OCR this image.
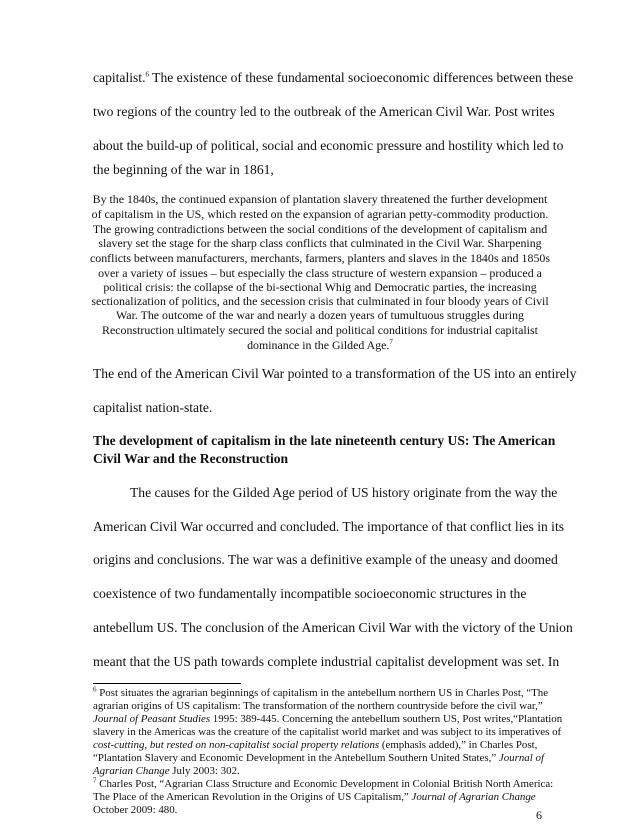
capitalist.$^6$ The existence of these fundamental socioeconomic differences between these
two regions of the country led to the outbreak of the American Civil War. Post writes
about the build-up of political, social and economic pressure and hostility which led to
the beginning of the war in 1861,
By the 1840s, the continued expansion of plantation slavery threatened the further development
of capitalism in the US, which rested on the expansion of agrarian petty-commodity production.
The growing contradictions between the social conditions of the development of capitalism and
slavery set the stage for the sharp class conflicts that culminated in the Civil War. Sharpening
conflicts between manufacturers, merchants, farmers, planters and slaves in the 1840s and 1850s
over a variety of issues – but especially the class structure of western expansion – produced a
political crisis: the collapse of the bi-sectional Whig and Democratic parties, the increasing
sectionalization of politics, and the secession crisis that culminated in four bloody years of Civil
War. The outcome of the war and nearly a dozen years of tumultuous struggles during
Reconstruction ultimately secured the social and political conditions for industrial capitalist
dominance in the Gilded Age.$^7$
The end of the American Civil War pointed to a transformation of the US into an entirely
capitalist nation-state.
The development of capitalism in the late nineteenth century US: The American
Civil War and the Reconstruction
The causes for the Gilded Age period of US history originate from the way the
American Civil War occurred and concluded. The importance of that conflict lies in its
origins and conclusions. The war was a definitive example of the uneasy and doomed
coexistence of two fundamentally incompatible socioeconomic structures in the
antebellum US. The conclusion of the American Civil War with the victory of the Union
meant that the US path towards complete industrial capitalist development was set. In
$^6$ Post situates the agrarian beginnings of capitalism in the antebellum northern US in Charles Post, “The
agrarian origins of US capitalism: The transformation of the northern countryside before the civil war,”
Journal of Peasant Studies 1995: 389-445. Concerning the antebellum southern US, Post writes,“Plantation
slavery in the Americas was the creature of the capitalist world market and was subject to its imperatives of
cost-cutting, but rested on non-capitalist social property relations (emphasis added),” in Charles Post,
“Plantation Slavery and Economic Development in the Antebellum Southern United States,” Journal of
Agrarian Change July 2003: 302.
$^7$ Charles Post, “Agrarian Class Structure and Economic Development in Colonial British North America:
The Place of the American Revolution in the Origins of US Capitalism,” Journal of Agrarian Change
October 2009: 480.	6
